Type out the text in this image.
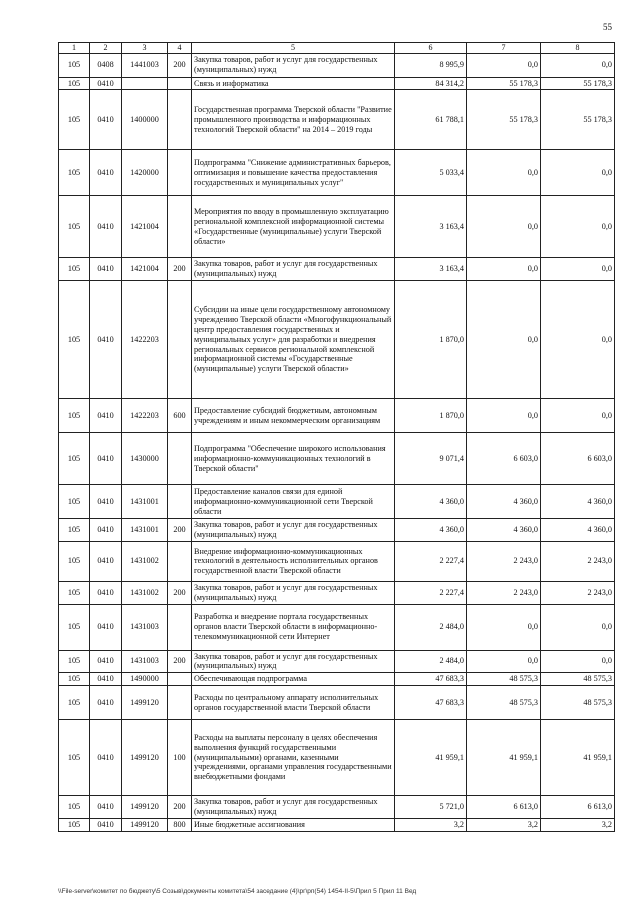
55
1	2	3	4	5	6	7	8
105	0408	1441003	200	Закупка товаров, работ и услуг для государственных (муниципальных) нужд	8 995,9	0,0	0,0
105	0410			Связь и информатика	84 314,2	55 178,3	55 178,3
105	0410	1400000		Государственная программа Тверской области "Развитие промышленного производства и информационных технологий Тверской области" на 2014 – 2019 годы	61 788,1	55 178,3	55 178,3
105	0410	1420000		Подпрограмма "Снижение административных барьеров, оптимизация и повышение качества предоставления государственных и муниципальных услуг"	5 033,4	0,0	0,0
105	0410	1421004		Мероприятия по вводу в промышленную эксплуатацию региональной комплексной информационной системы «Государственные (муниципальные) услуги Тверской области»	3 163,4	0,0	0,0
105	0410	1421004	200	Закупка товаров, работ и услуг для государственных (муниципальных) нужд	3 163,4	0,0	0,0
105	0410	1422203		Субсидии на иные цели государственному автономному учреждению Тверской области «Многофункциональный центр предоставления государственных и муниципальных услуг» для разработки и внедрения региональных сервисов региональной комплексной информационной системы «Государственные (муниципальные) услуги Тверской области»	1 870,0	0,0	0,0
105	0410	1422203	600	Предоставление субсидий бюджетным, автономным учреждениям и иным некоммерческим организациям	1 870,0	0,0	0,0
105	0410	1430000		Подпрограмма "Обеспечение широкого использования информационно-коммуникационных технологий в Тверской области"	9 071,4	6 603,0	6 603,0
105	0410	1431001		Предоставление каналов связи для единой информационно-коммуникационной сети Тверской области	4 360,0	4 360,0	4 360,0
105	0410	1431001	200	Закупка товаров, работ и услуг для государственных (муниципальных) нужд	4 360,0	4 360,0	4 360,0
105	0410	1431002		Внедрение информационно-коммуникационных технологий в деятельность исполнительных органов государственной власти Тверской области	2 227,4	2 243,0	2 243,0
105	0410	1431002	200	Закупка товаров, работ и услуг для государственных (муниципальных) нужд	2 227,4	2 243,0	2 243,0
105	0410	1431003		Разработка и внедрение портала государственных органов власти Тверской области в информационно-телекоммуникационной сети Интернет	2 484,0	0,0	0,0
105	0410	1431003	200	Закупка товаров, работ и услуг для государственных (муниципальных) нужд	2 484,0	0,0	0,0
105	0410	1490000		Обеспечивающая подпрограмма	47 683,3	48 575,3	48 575,3
105	0410	1499120		Расходы по центральному аппарату исполнительных органов государственной власти Тверской области	47 683,3	48 575,3	48 575,3
105	0410	1499120	100	Расходы на выплаты персоналу в целях обеспечения выполнения функций государственными (муниципальными) органами, казенными учреждениями, органами управления государственными внебюджетными фондами	41 959,1	41 959,1	41 959,1
105	0410	1499120	200	Закупка товаров, работ и услуг для государственных (муниципальных) нужд	5 721,0	6 613,0	6 613,0
105	0410	1499120	800	Иные бюджетные ассигнования	3,2	3,2	3,2
\\File-server\комитет по бюджету\5 Созыв\документы комитета\54 заседание (4)\рг\рп(54) 1454-II-5\Прил 5 Прил 11 Вед
